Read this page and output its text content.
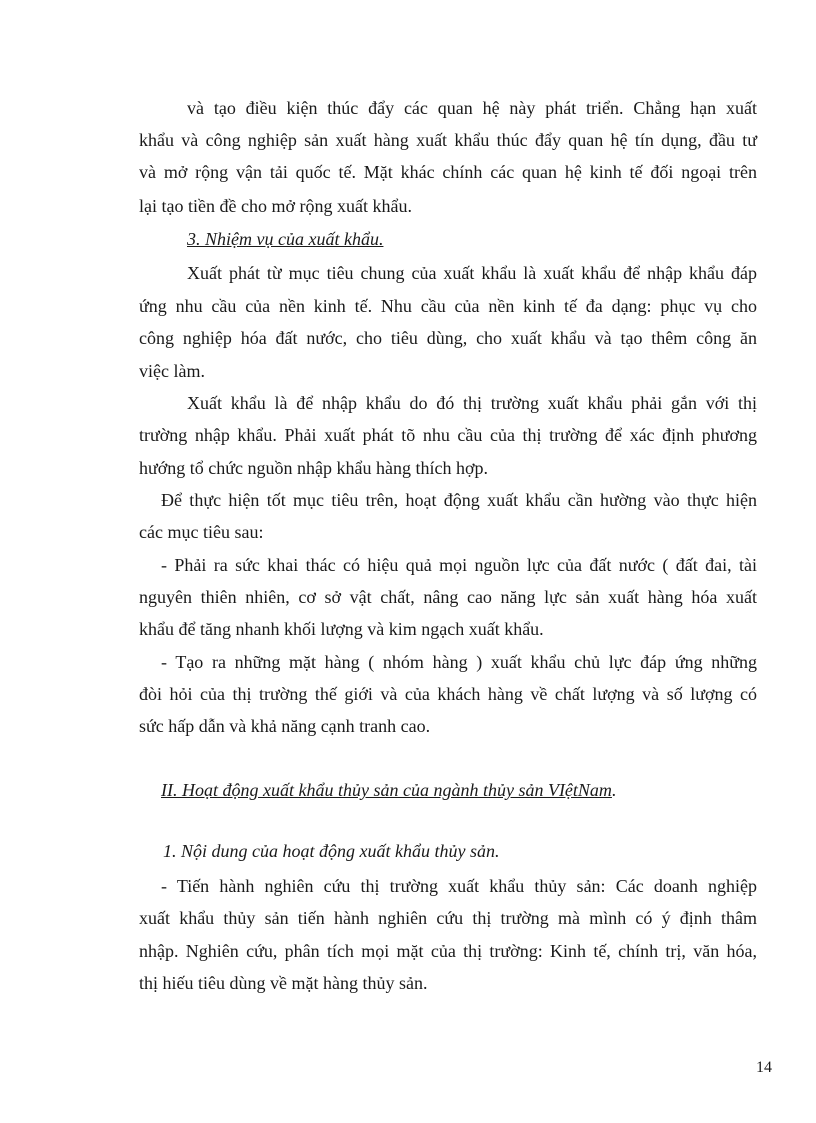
và tạo điều kiện thúc đẩy các quan hệ này phát triển. Chẳng hạn xuất
khẩu và công nghiệp sản xuất hàng xuất khẩu thúc đẩy quan hệ tín dụng, đầu tư
và mở rộng vận tải quốc tế. Mặt khác chính các quan hệ kinh tế đối ngoại trên
lại tạo tiền đề cho mở rộng xuất khẩu.
3. Nhiệm vụ của xuất khẩu.
Xuất phát từ mục tiêu chung của xuất khẩu là xuất khẩu để nhập khẩu đáp
ứng nhu cầu của nền kinh tế. Nhu cầu của nền kinh tế đa dạng: phục vụ cho
công nghiệp hóa đất nước, cho tiêu dùng, cho xuất khẩu và tạo thêm công ăn
việc làm.
Xuất khẩu là để nhập khẩu do đó thị trường xuất khẩu phải gắn với thị
trường nhập khẩu. Phải xuất phát tõ nhu cầu của thị trường để xác định phương
hướng tổ chức nguồn nhập khẩu hàng thích hợp.
Để thực hiện tốt mục tiêu trên, hoạt động xuất khẩu cần hường vào thực hiện
các mục tiêu sau:
- Phải ra sức khai thác có hiệu quả mọi nguồn lực của đất nước ( đất đai, tài
nguyên thiên nhiên, cơ sở vật chất, nâng cao năng lực sản xuất hàng hóa xuất
khẩu để tăng nhanh khối lượng và kim ngạch xuất khẩu.
- Tạo ra những mặt hàng ( nhóm hàng ) xuất khẩu chủ lực đáp ứng những
đòi hỏi của thị trường thế giới và của khách hàng về chất lượng và số lượng có
sức hấp dẫn và khả năng cạnh tranh cao.
II. Hoạt động xuất khẩu thủy sản của ngành thủy sản VIệtNam.
1. Nội dung của hoạt động xuất khẩu thủy sản.
- Tiến hành nghiên cứu thị trường xuất khẩu thủy sản: Các doanh nghiệp
xuất khẩu thủy sản tiến hành nghiên cứu thị trường mà mình có ý định thâm
nhập. Nghiên cứu, phân tích mọi mặt của thị trường: Kinh tế, chính trị, văn hóa,
thị hiếu tiêu dùng về mặt hàng thủy sản.
14
